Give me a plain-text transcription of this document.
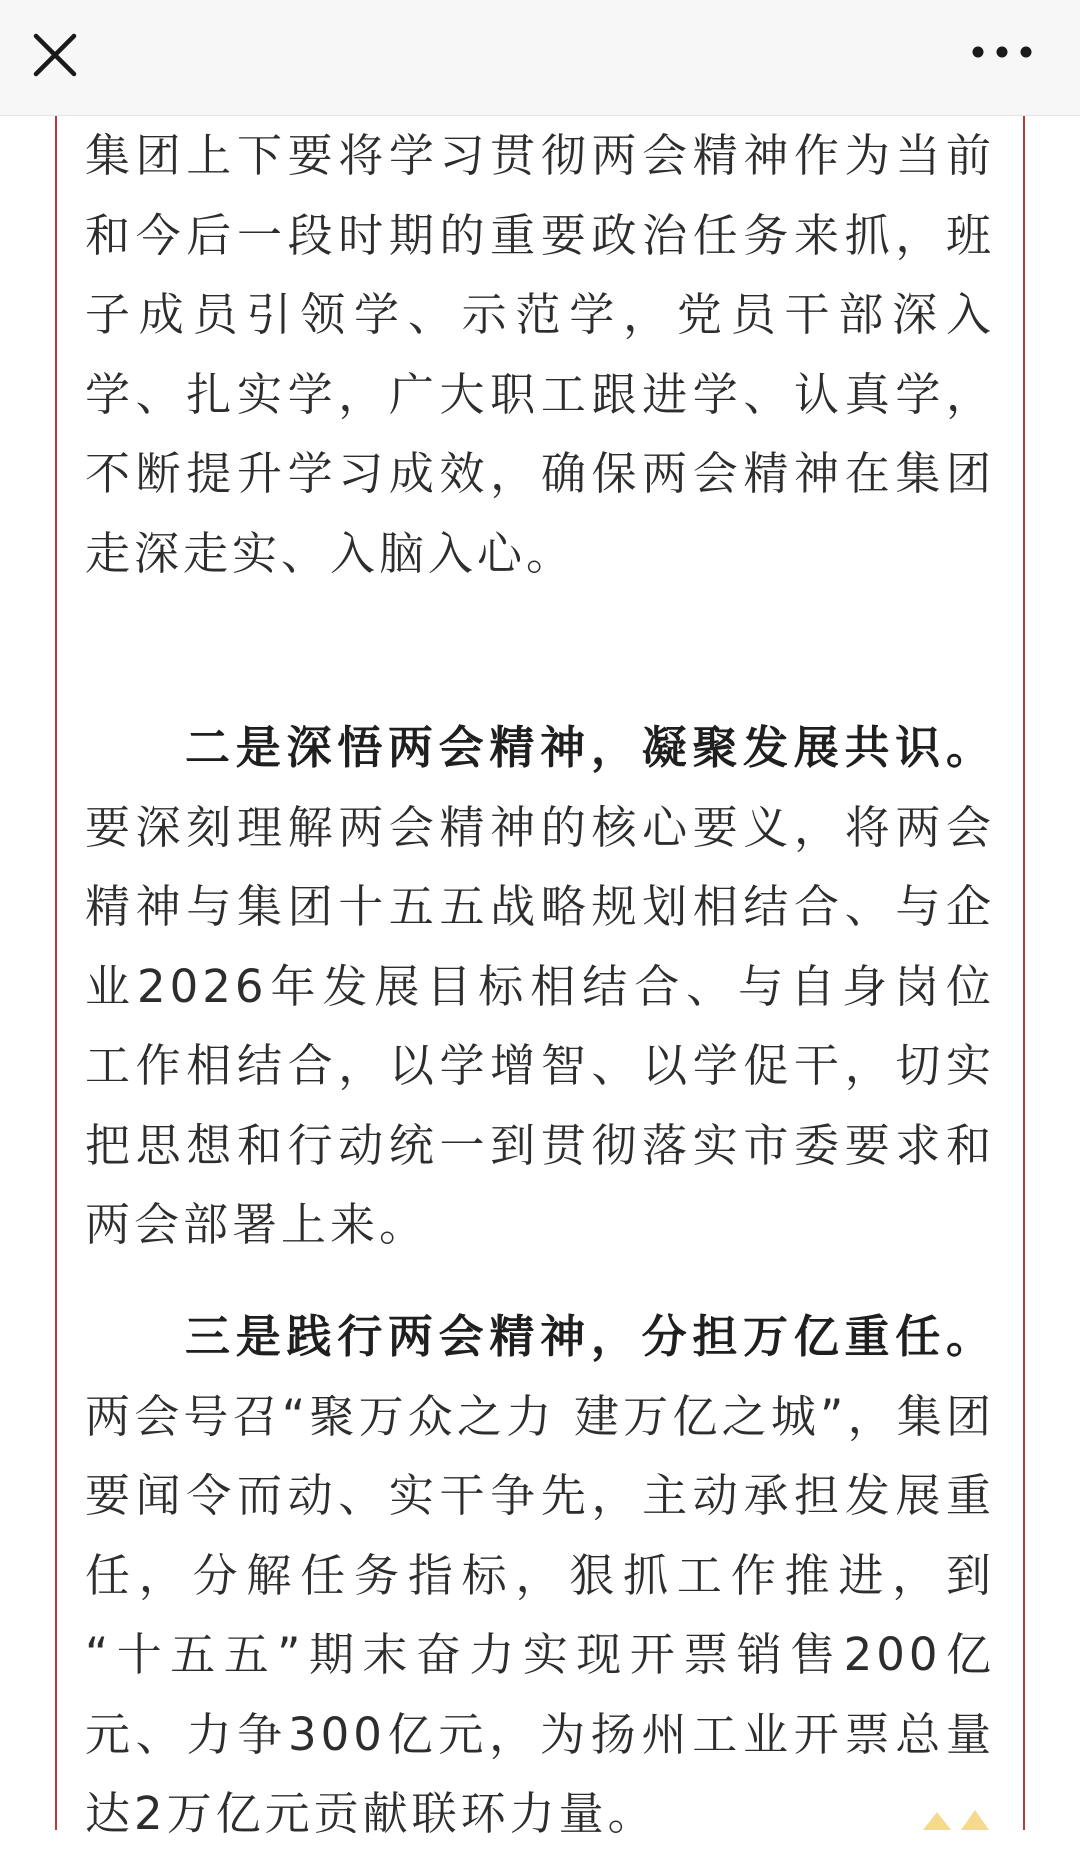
集团上下要将学习贯彻两会精神作为当前
和今后一段时期的重要政治任务来抓，班
子成员引领学、示范学，党员干部深入
学、扎实学，广大职工跟进学、认真学，
不断提升学习成效，确保两会精神在集团
走深走实、入脑入心。

二是深悟两会精神，凝聚发展共识。
要深刻理解两会精神的核心要义，将两会
精神与集团十五五战略规划相结合、与企
业2026年发展目标相结合、与自身岗位
工作相结合，以学增智、以学促干，切实
把思想和行动统一到贯彻落实市委要求和
两会部署上来。

三是践行两会精神，分担万亿重任。
两会号召“聚万众之力 建万亿之城”，集团
要闻令而动、实干争先，主动承担发展重
任，分解任务指标，狠抓工作推进，到
“十五五”期末奋力实现开票销售200亿
元、力争300亿元，为扬州工业开票总量
达2万亿元贡献联环力量。
